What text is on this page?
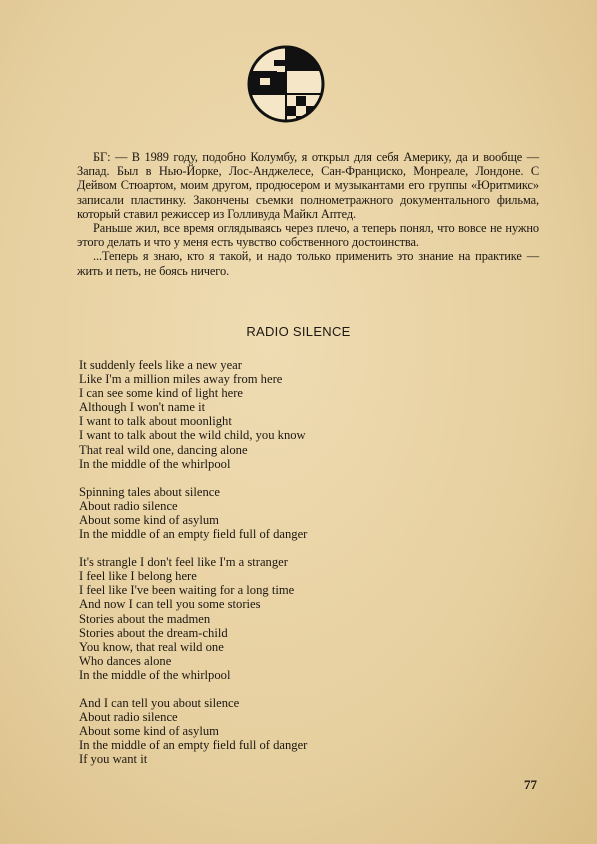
БГ: — В 1989 году, подобно Колумбу, я открыл для себя Америку, да и вообще — Запад. Был в Нью-Йорке, Лос-Анджелесе, Сан-Франциско, Монреале, Лондоне. С Дейвом Стюартом, моим другом, продюсером и музыкантами его группы «Юритмикс» записали пластинку. Закончены съемки полнометражного документального фильма, который ставил режиссер из Голливуда Майкл Аптед.

Раньше жил, все время оглядываясь через плечо, а теперь понял, что вовсе не нужно этого делать и что у меня есть чувство собственного достоинства.

...Теперь я знаю, кто я такой, и надо только применить это знание на практике — жить и петь, не боясь ничего.

RADIO SILENCE
It suddenly feels like a new year
Like I'm a million miles away from here
I can see some kind of light here
Although I won't name it
I want to talk about moonlight
I want to talk about the wild child, you know
That real wild one, dancing alone
In the middle of the whirlpool
Spinning tales about silence
About radio silence
About some kind of asylum
In the middle of an empty field full of danger
It's strangle I don't feel like I'm a stranger
I feel like I belong here
I feel like I've been waiting for a long time
And now I can tell you some stories
Stories about the madmen
Stories about the dream-child
You know, that real wild one
Who dances alone
In the middle of the whirlpool
And I can tell you about silence
About radio silence
About some kind of asylum
In the middle of an empty field full of danger
If you want it
77
